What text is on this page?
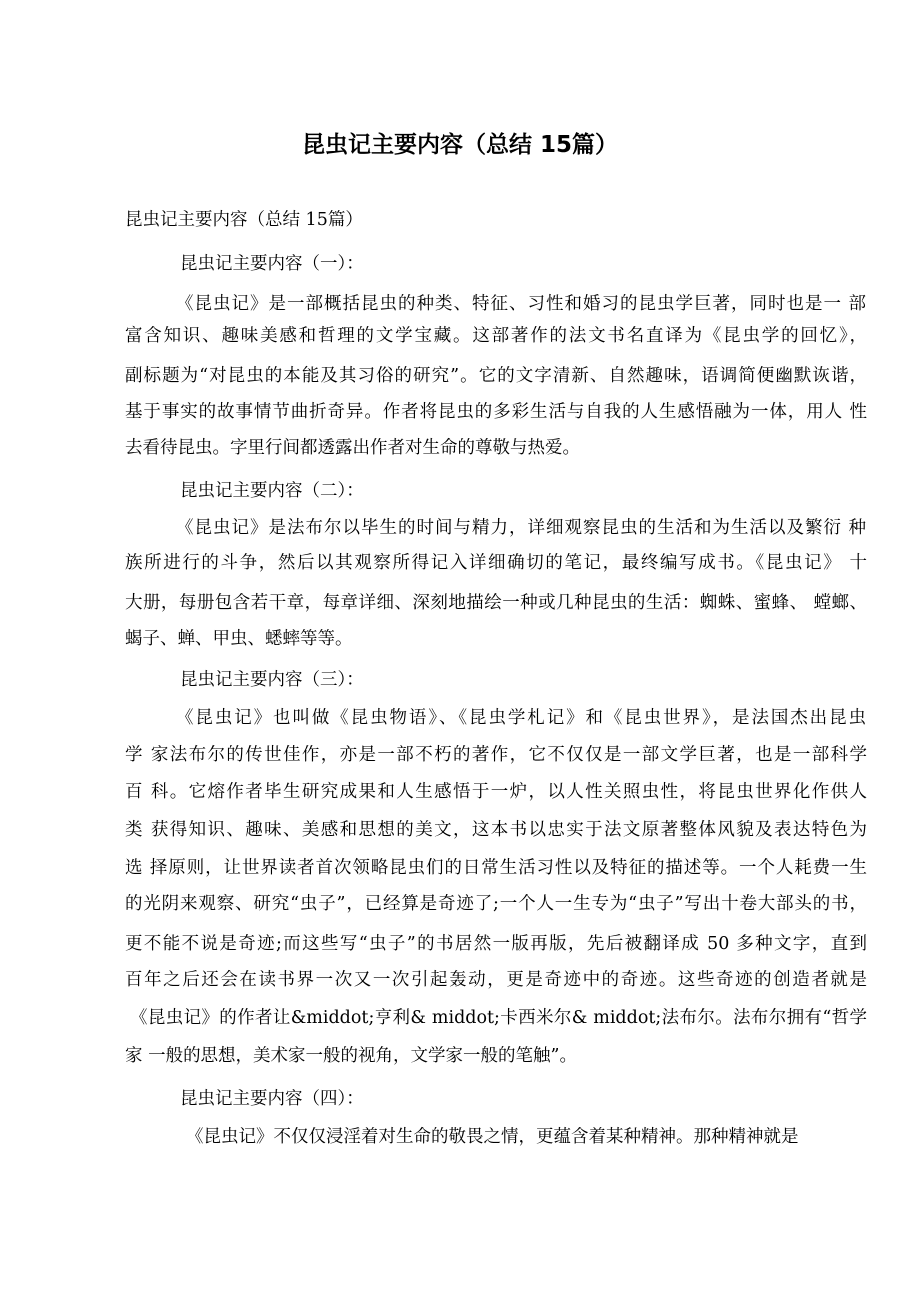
昆虫记主要内容（总结 15篇）

昆虫记主要内容（总结 15篇）

昆虫记主要内容（一）：

《昆虫记》是一部概括昆虫的种类、特征、习性和婚习的昆虫学巨著，同时也是一 部

富含知识、趣味美感和哲理的文学宝藏。这部著作的法文书名直译为《昆虫学的回忆》，

副标题为“对昆虫的本能及其习俗的研究”。它的文字清新、自然趣味，语调简便幽默诙谐，

基于事实的故事情节曲折奇异。作者将昆虫的多彩生活与自我的人生感悟融为一体，用人 性

去看待昆虫。字里行间都透露出作者对生命的尊敬与热爱。

昆虫记主要内容（二）：

《昆虫记》是法布尔以毕生的时间与精力，详细观察昆虫的生活和为生活以及繁衍 种

族所进行的斗争，然后以其观察所得记入详细确切的笔记，最终编写成书。《昆虫记》 十

大册，每册包含若干章，每章详细、深刻地描绘一种或几种昆虫的生活：蜘蛛、蜜蜂、 螳螂、

蝎子、蝉、甲虫、蟋蟀等等。

昆虫记主要内容（三）：

《昆虫记》也叫做《昆虫物语》、《昆虫学札记》和《昆虫世界》，是法国杰出昆虫

学 家法布尔的传世佳作，亦是一部不朽的著作，它不仅仅是一部文学巨著，也是一部科学

百 科。它熔作者毕生研究成果和人生感悟于一炉，以人性关照虫性，将昆虫世界化作供人

类 获得知识、趣味、美感和思想的美文，这本书以忠实于法文原著整体风貌及表达特色为

选 择原则，让世界读者首次领略昆虫们的日常生活习性以及特征的描述等。一个人耗费一生

的光阴来观察、研究“虫子”，已经算是奇迹了;一个人一生专为“虫子”写出十卷大部头的书，

更不能不说是奇迹;而这些写“虫子”的书居然一版再版，先后被翻译成 50 多种文字，直到

百年之后还会在读书界一次又一次引起轰动，更是奇迹中的奇迹。这些奇迹的创造者就是

《昆虫记》的作者让&middot;亨利& middot;卡西米尔& middot;法布尔。法布尔拥有“哲学

家 一般的思想，美术家一般的视角，文学家一般的笔触”。

昆虫记主要内容（四）：

《昆虫记》不仅仅浸淫着对生命的敬畏之情，更蕴含着某种精神。那种精神就是
